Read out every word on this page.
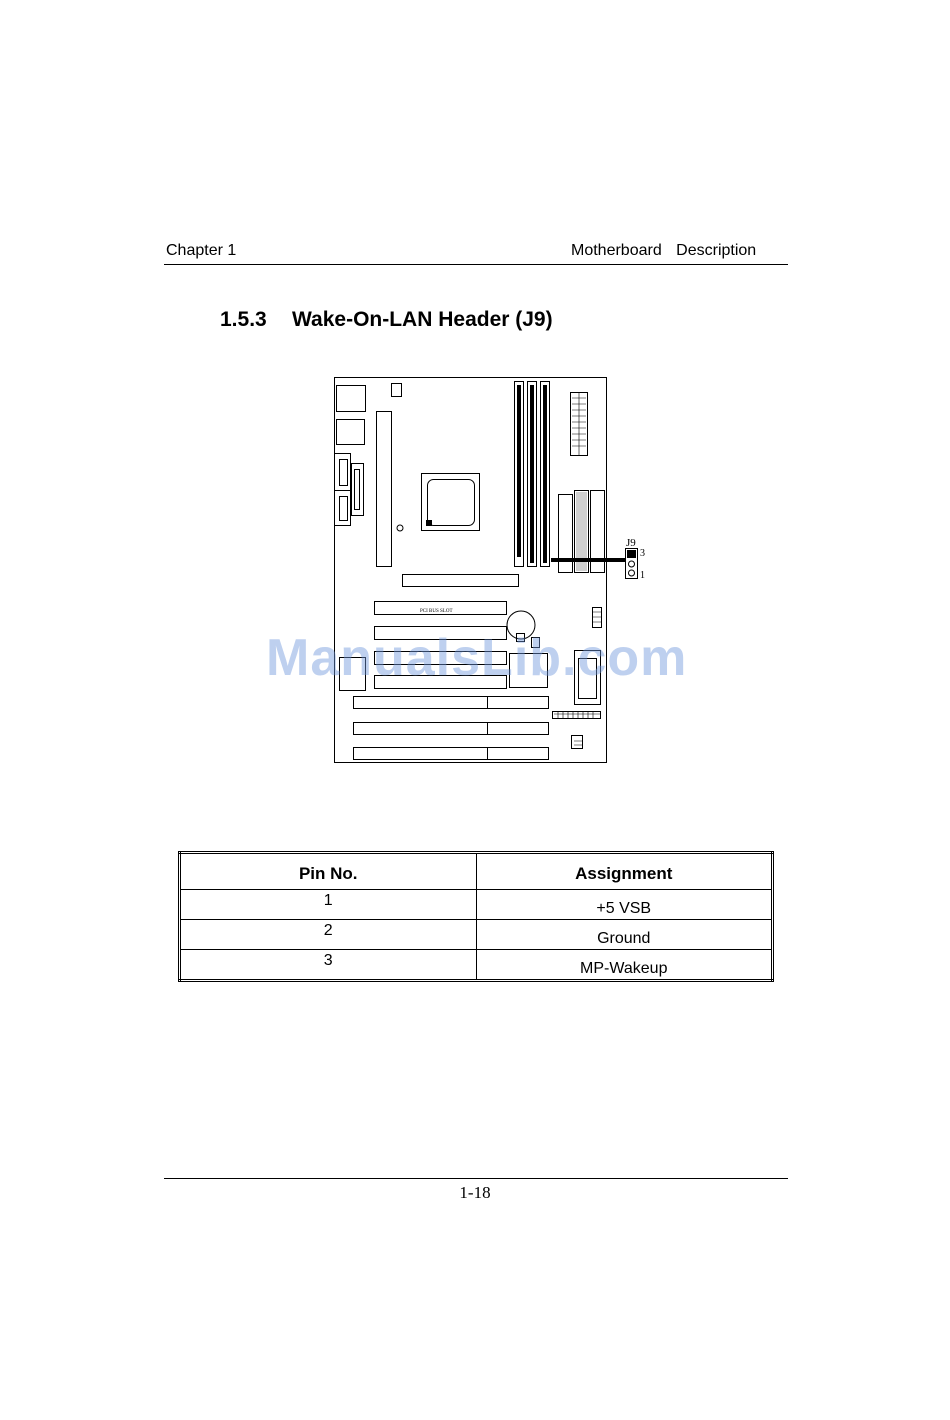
Chapter 1	Motherboard Description
1.5.3 Wake-On-LAN Header (J9)
J9
3
1
PCI BUS SLOT
ManualsLib.com
Pin No.	Assignment
1	+5 VSB
2	Ground
3	MP-Wakeup
1-18
